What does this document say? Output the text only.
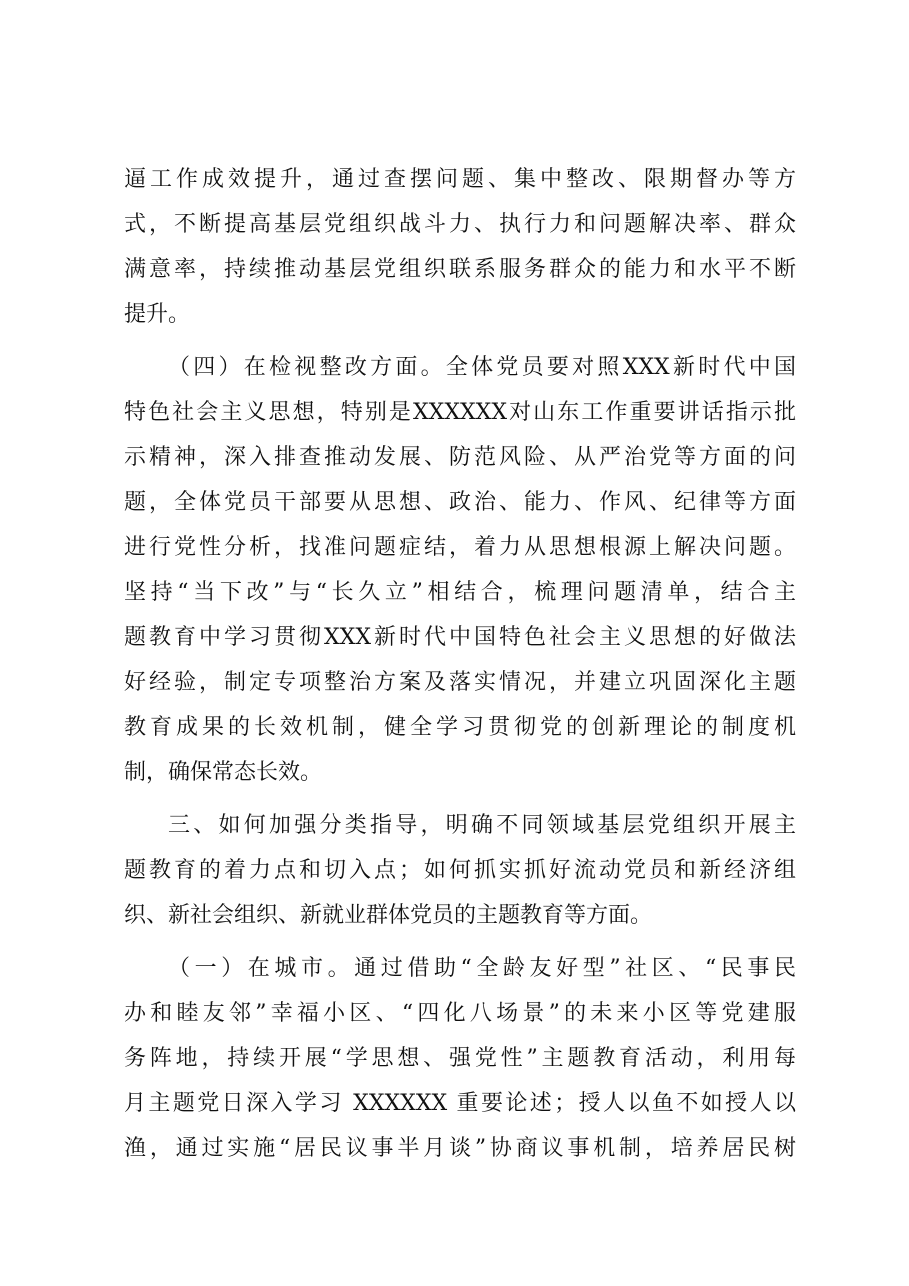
逼工作成效提升，通过查摆问题、集中整改、限期督办等方
式，不断提高基层党组织战斗力、执行力和问题解决率、群众
满意率，持续推动基层党组织联系服务群众的能力和水平不断
提升。
（四）在检视整改方面。全体党员要对照XXX新时代中国
特色社会主义思想，特别是XXXXXX对山东工作重要讲话指示批
示精神，深入排查推动发展、防范风险、从严治党等方面的问
题，全体党员干部要从思想、政治、能力、作风、纪律等方面
进行党性分析，找准问题症结，着力从思想根源上解决问题。
坚持“当下改”与“长久立”相结合，梳理问题清单，结合主
题教育中学习贯彻XXX新时代中国特色社会主义思想的好做法
好经验，制定专项整治方案及落实情况，并建立巩固深化主题
教育成果的长效机制，健全学习贯彻党的创新理论的制度机
制，确保常态长效。
三、如何加强分类指导，明确不同领域基层党组织开展主
题教育的着力点和切入点；如何抓实抓好流动党员和新经济组
织、新社会组织、新就业群体党员的主题教育等方面。
（一）在城市。通过借助“全龄友好型”社区、“民事民
办和睦友邻”幸福小区、“四化八场景”的未来小区等党建服
务阵地，持续开展“学思想、强党性”主题教育活动，利用每
月主题党日深入学习 XXXXXX 重要论述；授人以鱼不如授人以
渔，通过实施“居民议事半月谈”协商议事机制，培养居民树
